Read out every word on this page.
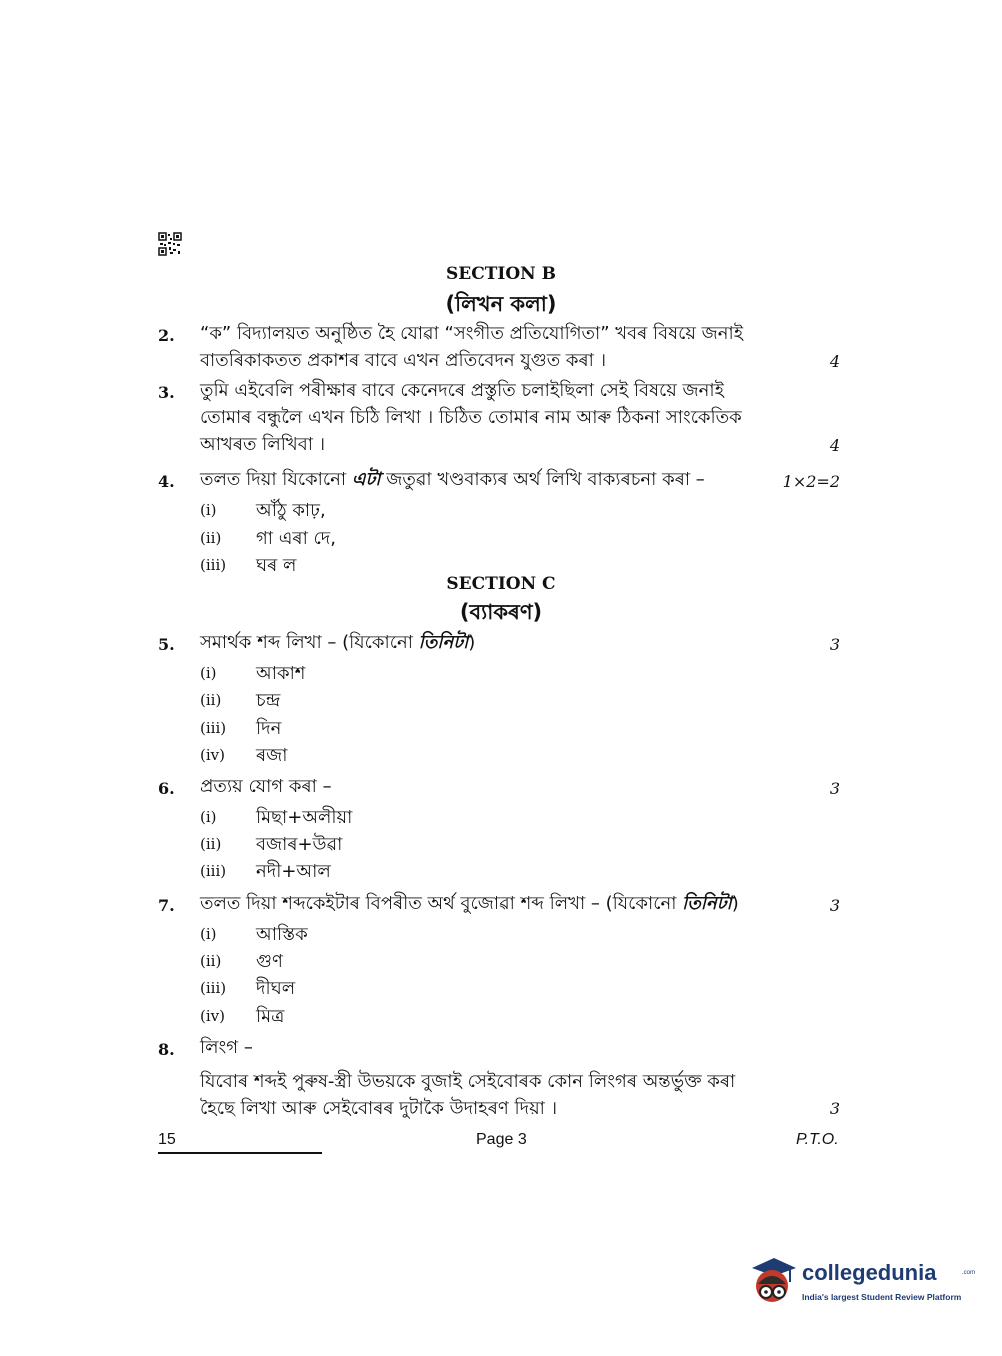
SECTION B
(লিখন কলা)
2. “ক” বিদ্যালয়ত অনুষ্ঠিত হৈ যোৱা “সংগীত প্ৰতিযোগিতা” খবৰ বিষয়ে জনাই
বাতৰিকাকতত প্ৰকাশৰ বাবে এখন প্ৰতিবেদন যুগুত কৰা ।	4
3. তুমি এইবেলি পৰীক্ষাৰ বাবে কেনেদৰে প্ৰস্তুতি চলাইছিলা সেই বিষয়ে জনাই
তোমাৰ বন্ধুলৈ এখন চিঠি লিখা । চিঠিত তোমাৰ নাম আৰু ঠিকনা সাংকেতিক
আখৰত লিখিবা ।	4
4. তলত দিয়া যিকোনো এটা জতুৱা খণ্ডবাক্যৰ অৰ্থ লিখি বাক্যৰচনা কৰা –	1×2=2
(i) আঁঠু কাঢ়,
(ii) গা এৰা দে,
(iii) ঘৰ ল
SECTION C
(ব্যাকৰণ)
5. সমাৰ্থক শব্দ লিখা – (যিকোনো তিনিটা)	3
(i) আকাশ
(ii) চন্দ্ৰ
(iii) দিন
(iv) ৰজা
6. প্ৰত্যয় যোগ কৰা –	3
(i) মিছা+অলীয়া
(ii) বজাৰ+উৱা
(iii) নদী+আল
7. তলত দিয়া শব্দকেইটাৰ বিপৰীত অৰ্থ বুজোৱা শব্দ লিখা – (যিকোনো তিনিটা)	3
(i) আস্তিক
(ii) গুণ
(iii) দীঘল
(iv) মিত্ৰ
8. লিংগ –
যিবোৰ শব্দই পুৰুষ-স্ত্ৰী উভয়কে বুজাই সেইবোৰক কোন লিংগৰ অন্তৰ্ভুক্ত কৰা
হৈছে লিখা আৰু সেইবোৰৰ দুটাকৈ উদাহৰণ দিয়া ।	3
15	Page 3	P.T.O.
collegedunia	.com
India's largest Student Review Platform
